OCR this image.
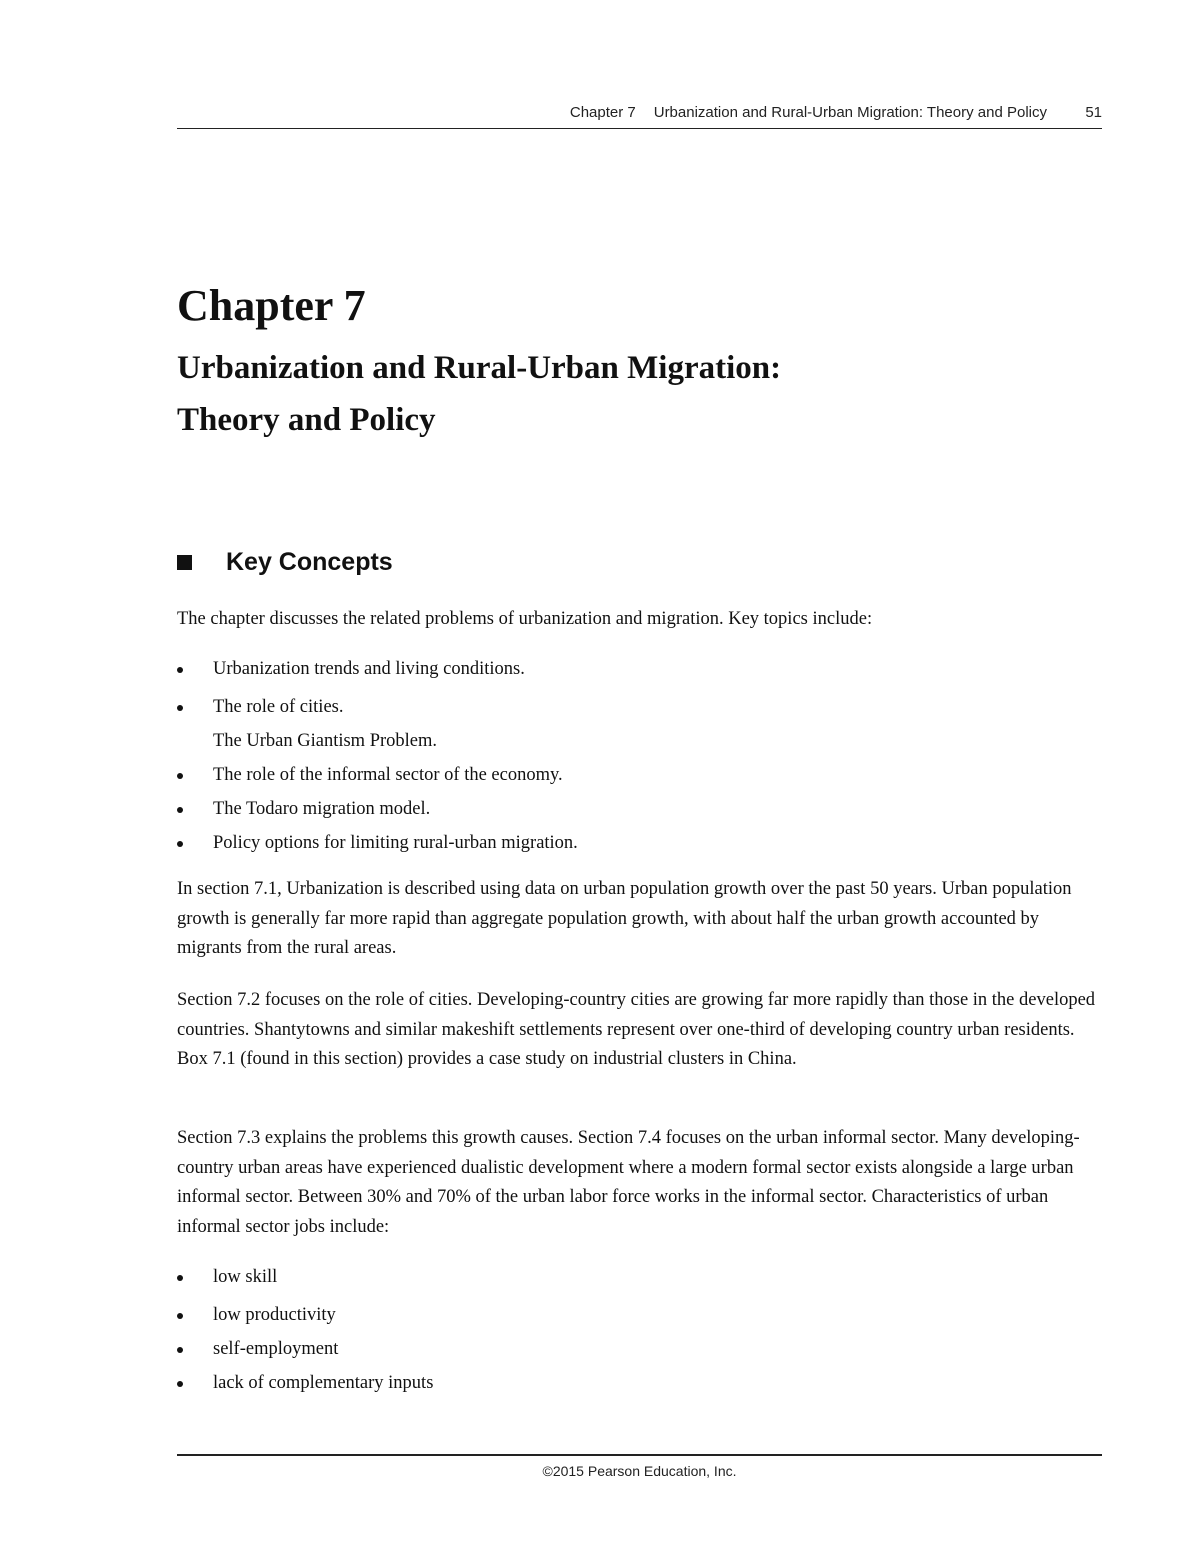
Chapter 7 Urbanization and Rural-Urban Migration: Theory and Policy	51
Chapter 7
Urbanization and Rural-Urban Migration:
Theory and Policy
Key Concepts

The chapter discusses the related problems of urbanization and migration. Key topics include:

Urbanization trends and living conditions.
The role of cities.
The Urban Giantism Problem.
The role of the informal sector of the economy.
The Todaro migration model.
Policy options for limiting rural-urban migration.

In section 7.1, Urbanization is described using data on urban population growth over the past 50 years. Urban population growth is generally far more rapid than aggregate population growth, with about half the urban growth accounted by migrants from the rural areas.

Section 7.2 focuses on the role of cities. Developing-country cities are growing far more rapidly than those in the developed countries. Shantytowns and similar makeshift settlements represent over one-third of developing country urban residents. Box 7.1 (found in this section) provides a case study on industrial clusters in China.

Section 7.3 explains the problems this growth causes. Section 7.4 focuses on the urban informal sector. Many developing-country urban areas have experienced dualistic development where a modern formal sector exists alongside a large urban informal sector. Between 30% and 70% of the urban labor force works in the informal sector. Characteristics of urban informal sector jobs include:

low skill
low productivity
self-employment
lack of complementary inputs
©2015 Pearson Education, Inc.
